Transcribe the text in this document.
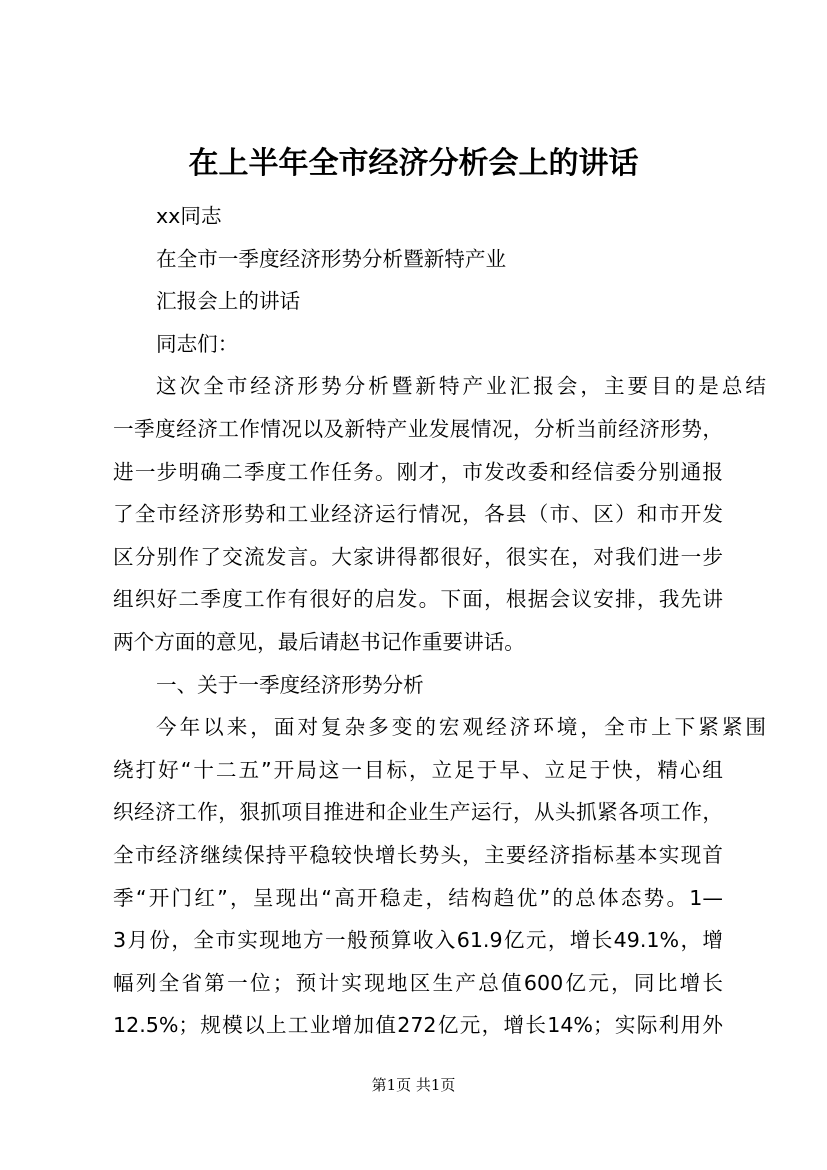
在上半年全市经济分析会上的讲话
xx同志
在全市一季度经济形势分析暨新特产业
汇报会上的讲话
同志们：
这次全市经济形势分析暨新特产业汇报会，主要目的是总结
一季度经济工作情况以及新特产业发展情况，分析当前经济形势，
进一步明确二季度工作任务。刚才，市发改委和经信委分别通报
了全市经济形势和工业经济运行情况，各县（市、区）和市开发
区分别作了交流发言。大家讲得都很好，很实在，对我们进一步
组织好二季度工作有很好的启发。下面，根据会议安排，我先讲
两个方面的意见，最后请赵书记作重要讲话。
一、关于一季度经济形势分析
今年以来，面对复杂多变的宏观经济环境，全市上下紧紧围
绕打好“十二五”开局这一目标，立足于早、立足于快，精心组
织经济工作，狠抓项目推进和企业生产运行，从头抓紧各项工作，
全市经济继续保持平稳较快增长势头，主要经济指标基本实现首
季“开门红”，呈现出“高开稳走，结构趋优”的总体态势。1—
3月份，全市实现地方一般预算收入61.9亿元，增长49.1%，增
幅列全省第一位；预计实现地区生产总值600亿元，同比增长
12.5%；规模以上工业增加值272亿元，增长14%；实际利用外
第1页 共1页
